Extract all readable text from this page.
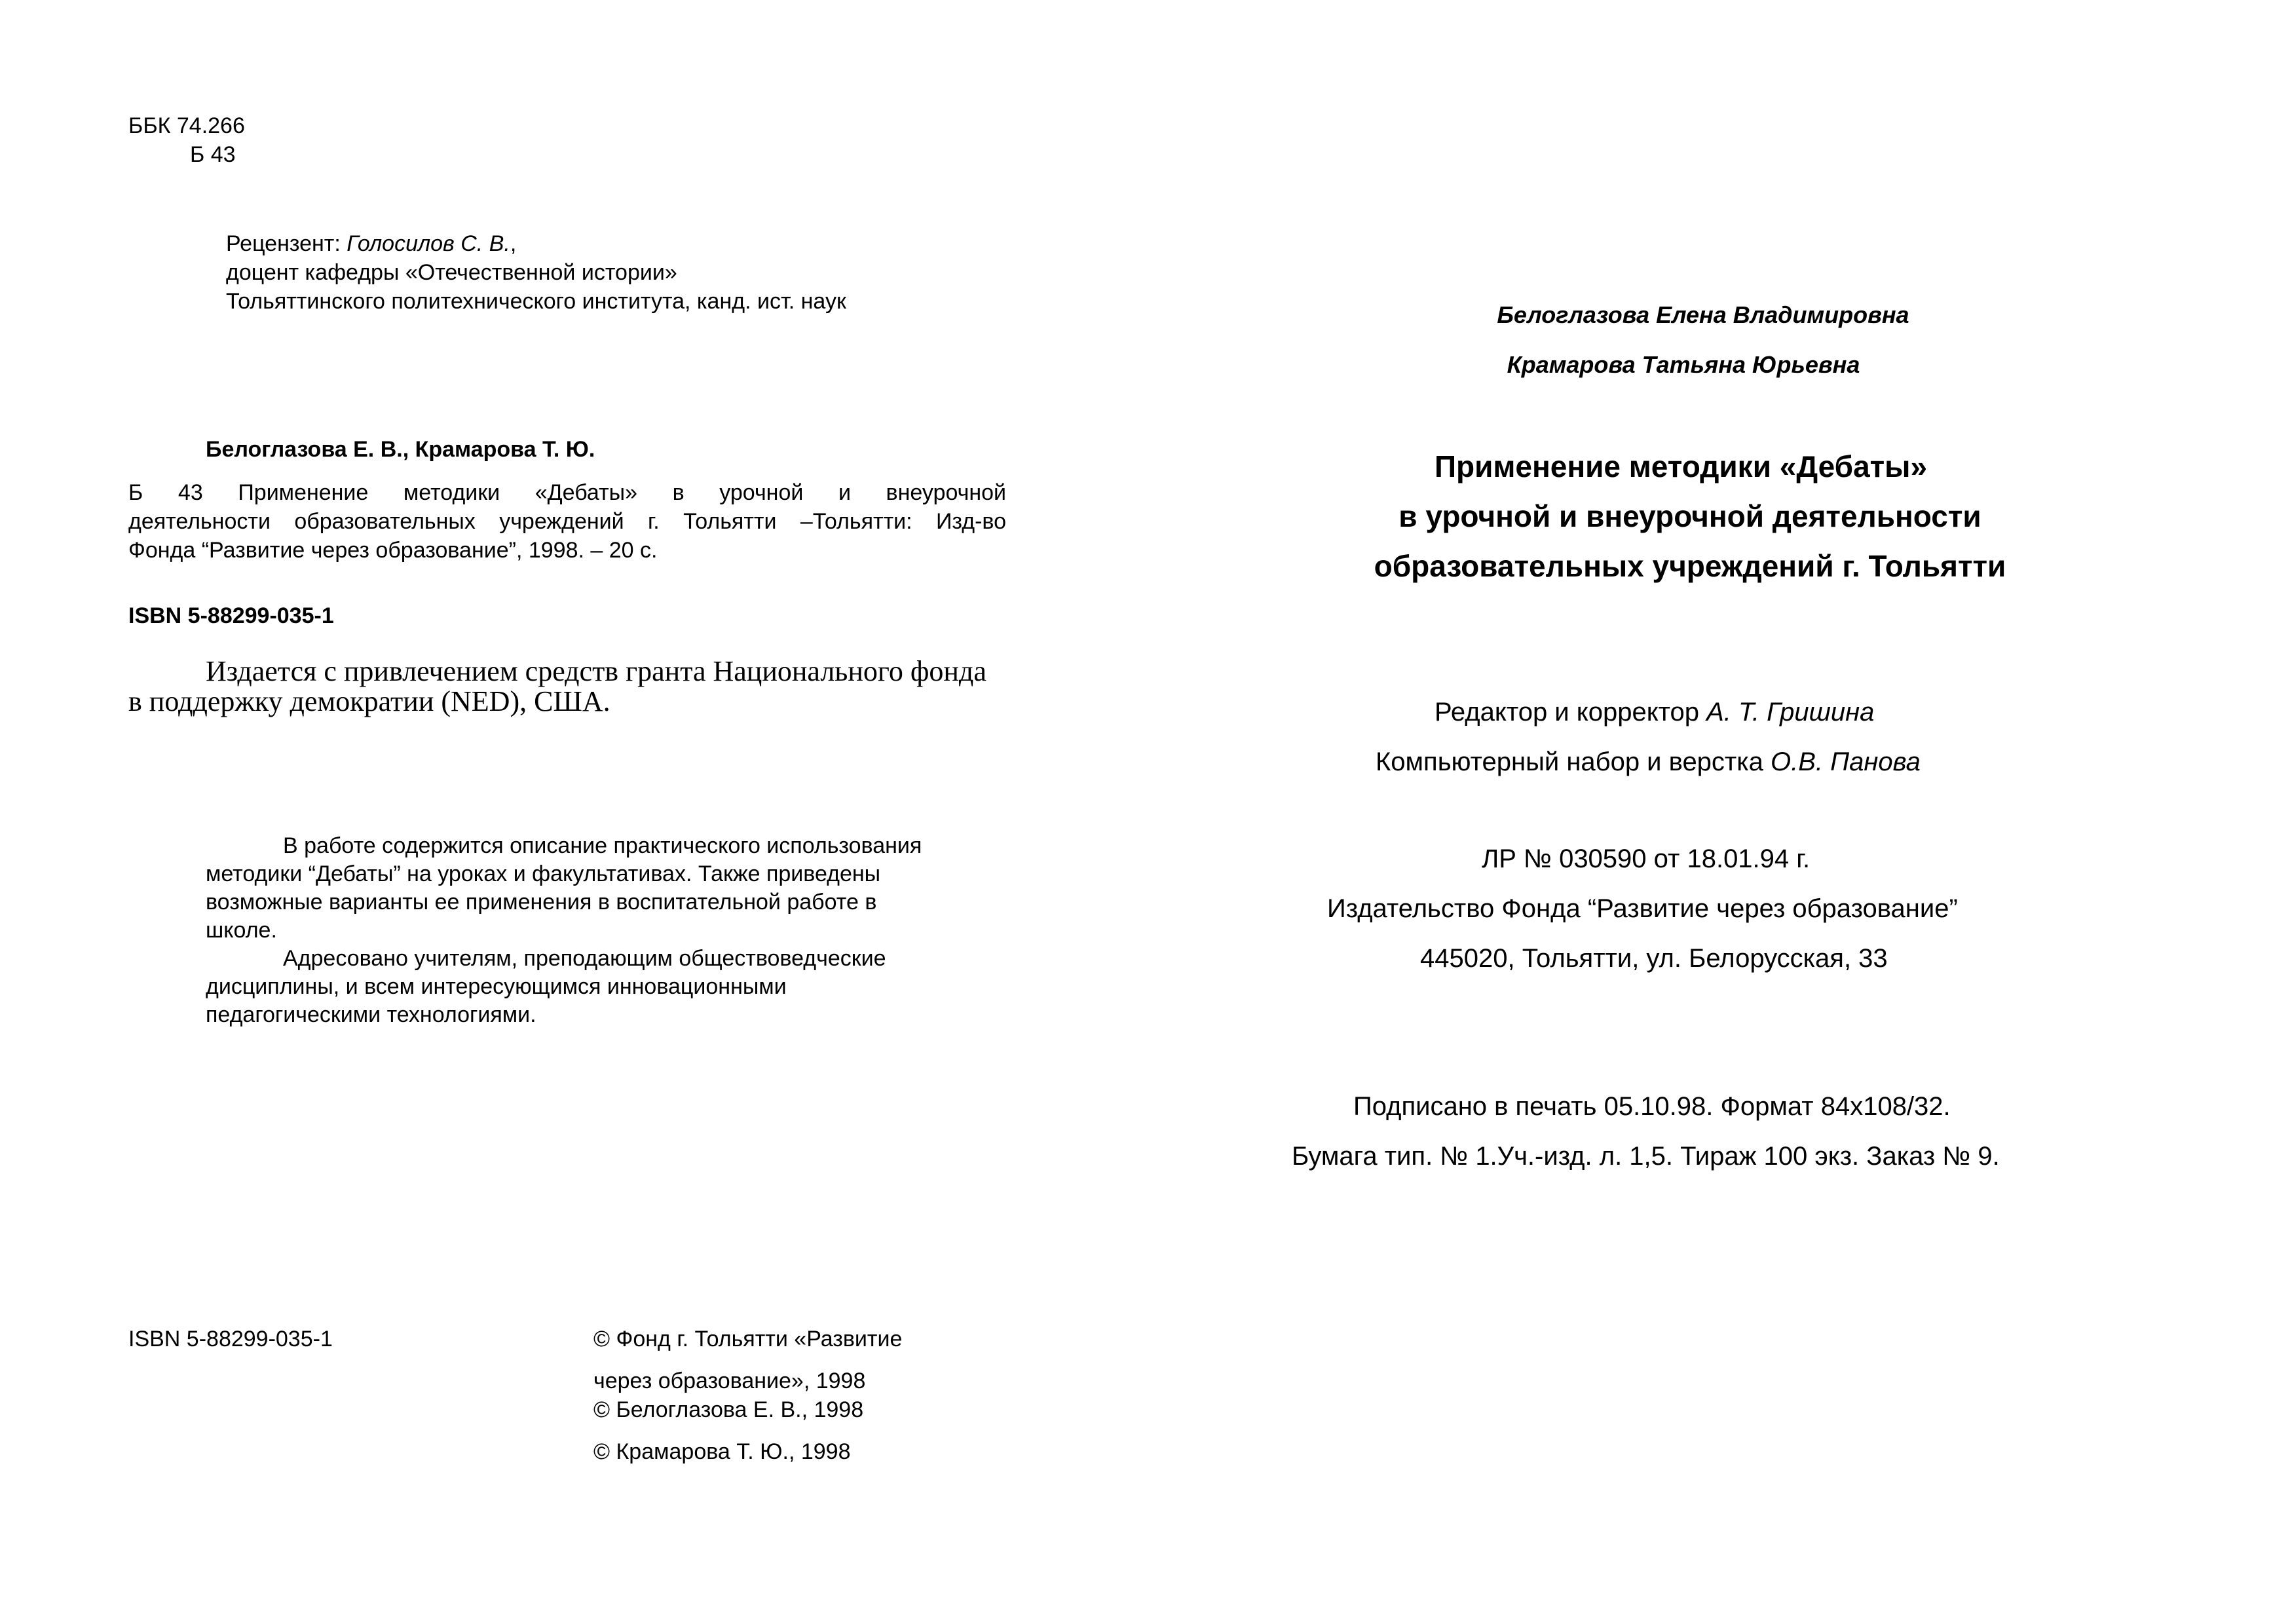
ББК 74.266
Б 43
Рецензент: Голосилов С. В.,
доцент кафедры «Отечественной истории»
Тольяттинского политехнического института, канд. ист. наук
Белоглазова Е. В., Крамарова Т. Ю.
Б 43 Применение методики «Дебаты» в урочной и внеурочной
деятельности образовательных учреждений г. Тольятти –Тольятти: Изд-во
Фонда “Развитие через образование”, 1998. – 20 с.
ISBN 5-88299-035-1
Издается с привлечением средств гранта Национального фонда
в поддержку демократии (NED), США.
В работе содержится описание практического использования
методики “Дебаты” на уроках и факультативах. Также приведены
возможные варианты ее применения в воспитательной работе в
школе.
Адресовано учителям, преподающим обществоведческие
дисциплины, и всем интересующимся инновационными
педагогическими технологиями.
ISBN 5-88299-035-1	© Фонд г. Тольятти «Развитие
через образование», 1998
© Белоглазова Е. В., 1998
© Крамарова Т. Ю., 1998
Белоглазова Елена Владимировна
Крамарова Татьяна Юрьевна
Применение методики «Дебаты»
в урочной и внеурочной деятельности
образовательных учреждений г. Тольятти
Редактор и корректор А. Т. Гришина
Компьютерный набор и верстка О.В. Панова
ЛР № 030590 от 18.01.94 г.
Издательство Фонда “Развитие через образование”
445020, Тольятти, ул. Белорусская, 33
Подписано в печать 05.10.98. Формат 84x108/32.
Бумага тип. № 1.Уч.-изд. л. 1,5. Тираж 100 экз. Заказ № 9.
